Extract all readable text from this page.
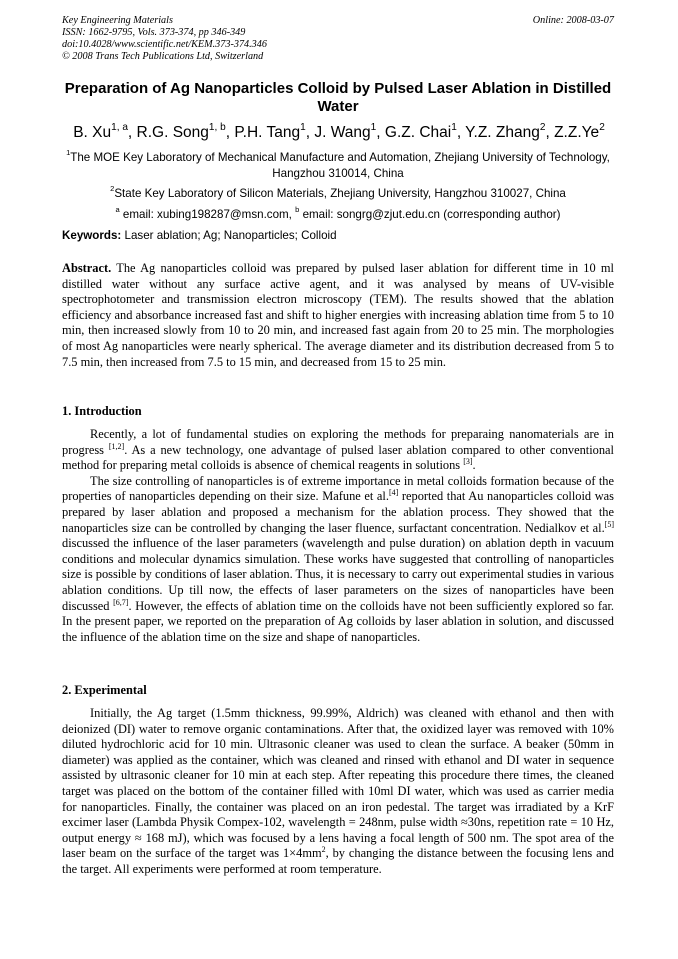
Key Engineering Materials
ISSN: 1662-9795, Vols. 373-374, pp 346-349
doi:10.4028/www.scientific.net/KEM.373-374.346
© 2008 Trans Tech Publications Ltd, Switzerland
Online: 2008-03-07
Preparation of Ag Nanoparticles Colloid by Pulsed Laser Ablation in Distilled Water
B. Xu$^{1, a}$, R.G. Song$^{1, b}$, P.H. Tang$^1$, J. Wang$^1$, G.Z. Chai$^1$, Y.Z. Zhang$^2$, Z.Z.Ye$^2$
$^1$The MOE Key Laboratory of Mechanical Manufacture and Automation, Zhejiang University of Technology, Hangzhou 310014, China
$^2$State Key Laboratory of Silicon Materials, Zhejiang University, Hangzhou 310027, China
$^a$ email: xubing198287@msn.com, $^b$ email: songrg@zjut.edu.cn (corresponding author)
Keywords: Laser ablation; Ag; Nanoparticles; Colloid
Abstract. The Ag nanoparticles colloid was prepared by pulsed laser ablation for different time in 10 ml distilled water without any surface active agent, and it was analysed by means of UV-visible spectrophotometer and transmission electron microscopy (TEM). The results showed that the ablation efficiency and absorbance increased fast and shift to higher energies with increasing ablation time from 5 to 10 min, then increased slowly from 10 to 20 min, and increased fast again from 20 to 25 min. The morphologies of most Ag nanoparticles were nearly spherical. The average diameter and its distribution decreased from 5 to 7.5 min, then increased from 7.5 to 15 min, and decreased from 15 to 25 min.
1. Introduction

Recently, a lot of fundamental studies on exploring the methods for preparaing nanomaterials are in progress [1,2]. As a new technology, one advantage of pulsed laser ablation compared to other conventional method for preparing metal colloids is absence of chemical reagents in solutions [3].

The size controlling of nanoparticles is of extreme importance in metal colloids formation because of the properties of nanoparticles depending on their size. Mafune et al.[4] reported that Au nanoparticles colloid was prepared by laser ablation and proposed a mechanism for the ablation process. They showed that the nanoparticles size can be controlled by changing the laser fluence, surfactant concentration. Nedialkov et al.[5] discussed the influence of the laser parameters (wavelength and pulse duration) on ablation depth in vacuum conditions and molecular dynamics simulation. These works have suggested that controlling of nanoparticles size is possible by conditions of laser ablation. Thus, it is necessary to carry out experimental studies in various ablation conditions. Up till now, the effects of laser parameters on the sizes of nanoparticles have been discussed [6,7]. However, the effects of ablation time on the colloids have not been sufficiently explored so far. In the present paper, we reported on the preparation of Ag colloids by laser ablation in solution, and discussed the influence of the ablation time on the size and shape of nanoparticles.

2. Experimental

Initially, the Ag target (1.5mm thickness, 99.99%, Aldrich) was cleaned with ethanol and then with deionized (DI) water to remove organic contaminations. After that, the oxidized layer was removed with 10% diluted hydrochloric acid for 10 min. Ultrasonic cleaner was used to clean the surface. A beaker (50mm in diameter) was applied as the container, which was cleaned and rinsed with ethanol and DI water in sequence assisted by ultrasonic cleaner for 10 min at each step. After repeating this procedure there times, the cleaned target was placed on the bottom of the container filled with 10ml DI water, which was used as carrier media for nanoparticles. Finally, the container was placed on an iron pedestal. The target was irradiated by a KrF excimer laser (Lambda Physik Compex-102, wavelength = 248nm, pulse width ≈30ns, repetition rate = 10 Hz, output energy ≈ 168 mJ), which was focused by a lens having a focal length of 500 nm. The spot area of the laser beam on the surface of the target was $1\times 4mm^2$, by changing the distance between the focusing lens and the target. All experiments were performed at room temperature.
